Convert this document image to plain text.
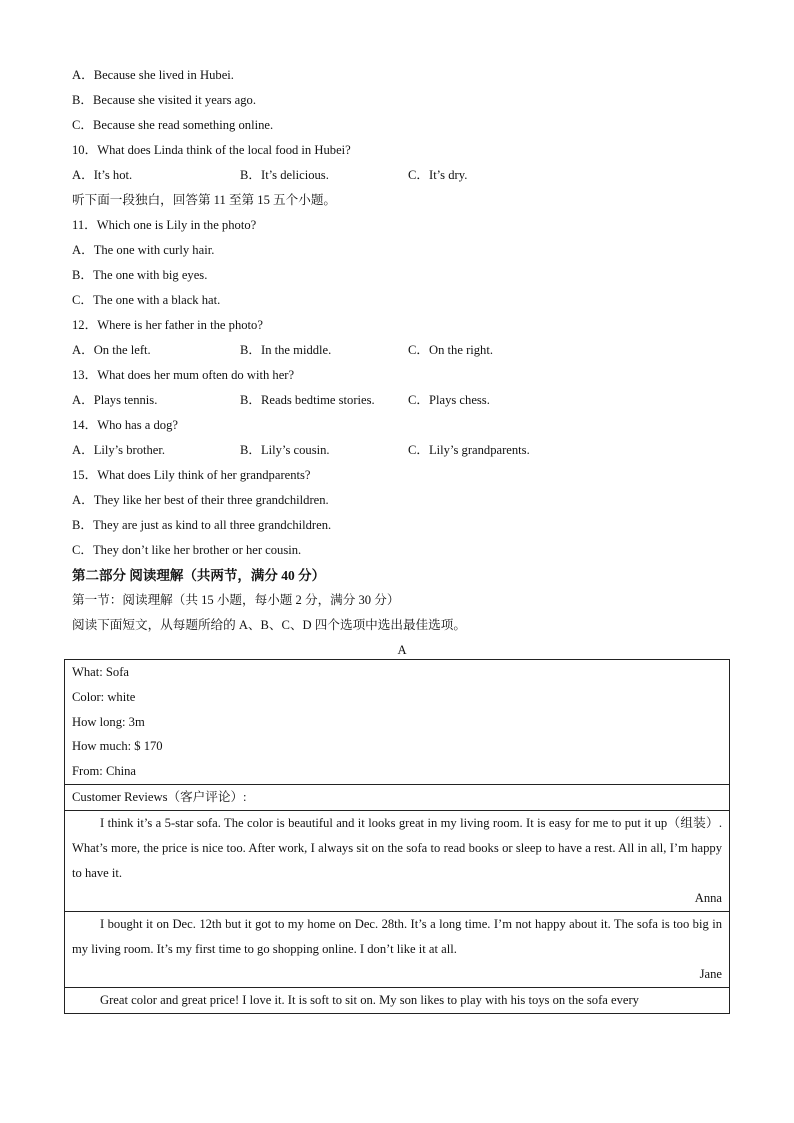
A．Because she lived in Hubei.
B．Because she visited it years ago.
C．Because she read something online.
10．What does Linda think of the local food in Hubei?
A．It’s hot.	B．It’s delicious.	C．It’s dry.
听下面一段独白，回答第 11 至第 15 五个小题。
11．Which one is Lily in the photo?
A．The one with curly hair.
B．The one with big eyes.
C．The one with a black hat.
12．Where is her father in the photo?
A．On the left.	B．In the middle.	C．On the right.
13．What does her mum often do with her?
A．Plays tennis.	B．Reads bedtime stories.	C．Plays chess.
14．Who has a dog?
A．Lily’s brother.	B．Lily’s cousin.	C．Lily’s grandparents.
15．What does Lily think of her grandparents?
A．They like her best of their three grandchildren.
B．They are just as kind to all three grandchildren.
C．They don’t like her brother or her cousin.
第二部分 阅读理解（共两节，满分 40 分）
第一节：阅读理解（共 15 小题，每小题 2 分，满分 30 分）
阅读下面短文，从每题所给的 A、B、C、D 四个选项中选出最佳选项。
A
What: Sofa
Color: white
How long: 3m
How much: $ 170
From: China

Customer Reviews（客户评论）:

I think it’s a 5-star sofa. The color is beautiful and it looks great in my living room. It is easy for me to put it up（组装）. What’s more, the price is nice too. After work, I always sit on the sofa to read books or sleep to have a rest. All in all, I’m happy to have it.
Anna

I bought it on Dec. 12th but it got to my home on Dec. 28th. It’s a long time. I’m not happy about it. The sofa is too big in my living room. It’s my first time to go shopping online. I don’t like it at all.
Jane

Great color and great price! I love it. It is soft to sit on. My son likes to play with his toys on the sofa every
